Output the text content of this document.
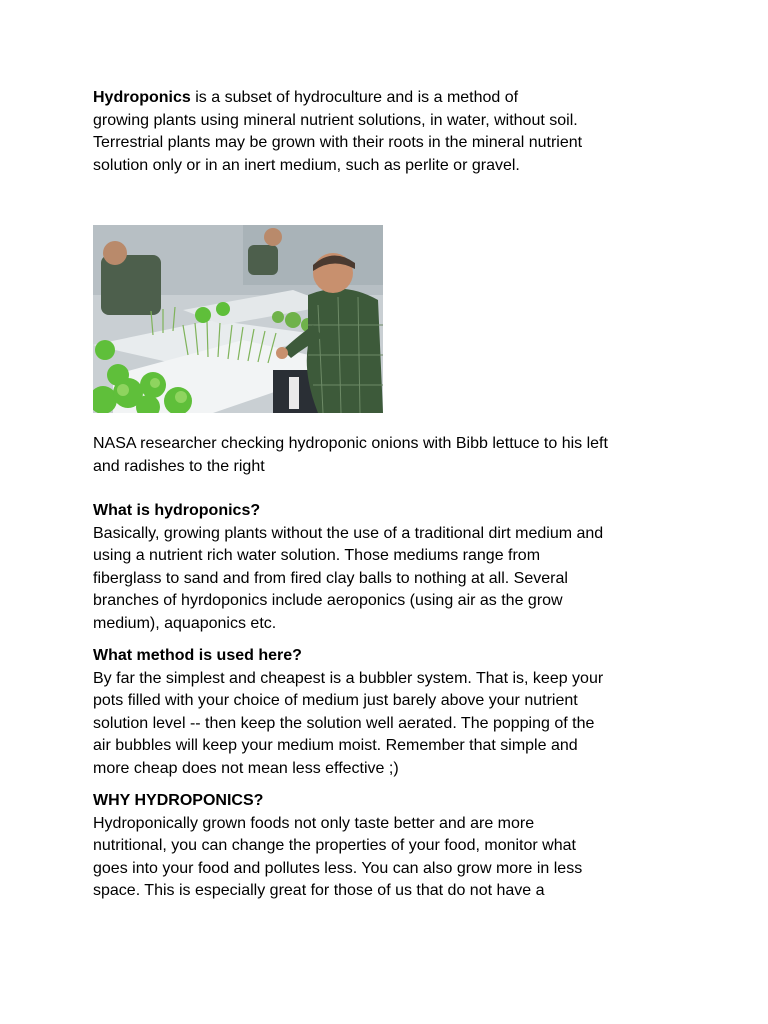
Hydroponics is a subset of hydroculture and is a method of

growing plants using mineral nutrient solutions, in water, without soil.

Terrestrial plants may be grown with their roots in the mineral nutrient

solution only or in an inert medium, such as perlite or gravel.

NASA researcher checking hydroponic onions with Bibb lettuce to his left

and radishes to the right

What is hydroponics?

Basically, growing plants without the use of a traditional dirt medium and

using a nutrient rich water solution. Those mediums range from

fiberglass to sand and from fired clay balls to nothing at all. Several

branches of hyrdoponics include aeroponics (using air as the grow

medium), aquaponics etc.

What method is used here?

By far the simplest and cheapest is a bubbler system. That is, keep your

pots filled with your choice of medium just barely above your nutrient

solution level -- then keep the solution well aerated. The popping of the

air bubbles will keep your medium moist. Remember that simple and

more cheap does not mean less effective ;)

WHY HYDROPONICS?

Hydroponically grown foods not only taste better and are more

nutritional, you can change the properties of your food, monitor what

goes into your food and pollutes less. You can also grow more in less

space. This is especially great for those of us that do not have a
